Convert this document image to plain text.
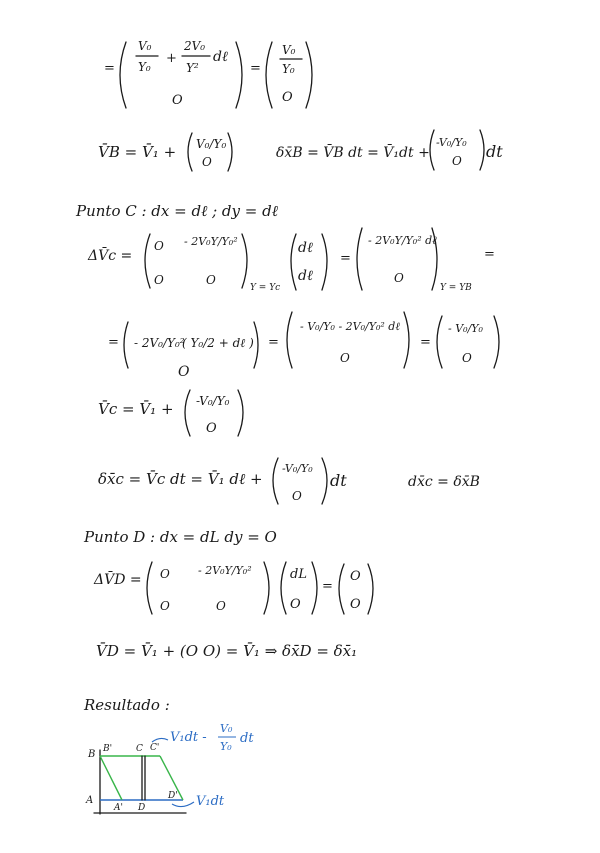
=
V₀
Y₀
+
2V₀
Y²
dℓ
O
=
V₀
Y₀
O
V̄B = V̄₁ + V₀/Y₀
O
δx̄B = V̄B dt = V̄₁dt +
-V₀/Y₀
O dt
Punto C : dx = dℓ ; dy = dℓ
ΔV̄c =
O - 2V₀Y/Y₀²
O	O
Y = Yc
dℓ
dℓ
=
- 2V₀Y/Y₀² dℓ
O
Y = YB
=
= - 2V₀/Y₀²
( Y₀/2 + dℓ )
O
=
- V₀/Y₀ - 2V₀/Y₀² dℓ
O
=
- V₀/Y₀
O
V̄c = V̄₁ + -V₀/Y₀
O
δx̄c = V̄c dt = V̄₁ dℓ +
-V₀/Y₀
O
dt	dx̄c = δx̄B
Punto D : dx = dL dy = O
ΔV̄D = O	- 2V₀Y/Y₀²
O	O
dL
O
=
O
O
V̄D = V̄₁ + (O O) = V̄₁ ⇒ δx̄D = δx̄₁
Resultado :
B
A
B'	C C'
A' D
D'
V₁dt -
V₀
Y₀
dt
V₁dt
